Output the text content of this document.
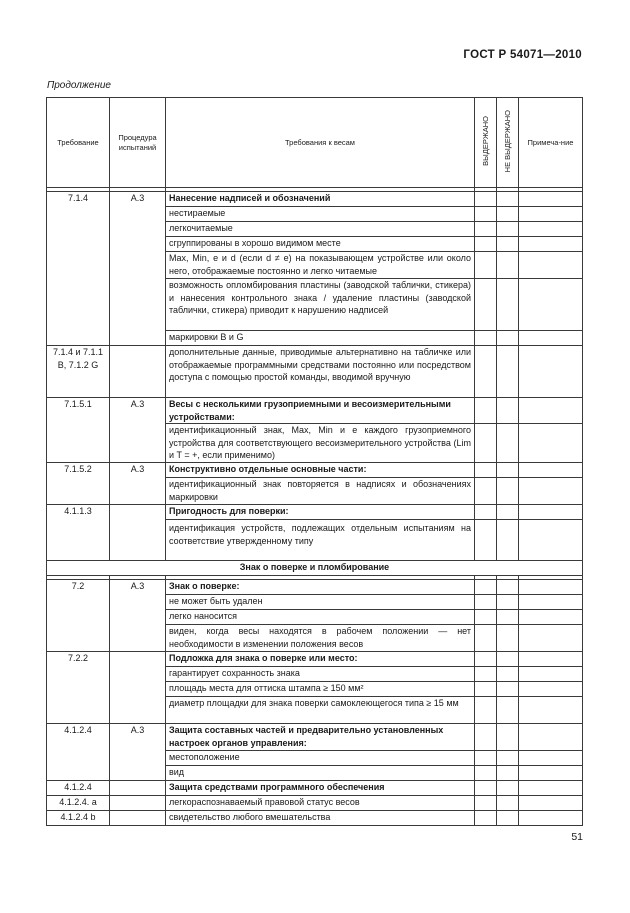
ГОСТ Р 54071—2010
Продолжение
Требование	Процедура испытаний	Требования к весам	ВЫДЕРЖАНО	НЕ ВЫДЕРЖАНО	Примеча-ние

7.1.4	А.3	Нанесение надписей и обозначений			
		нестираемые			
		легкочитаемые			
		сгруппированы в хорошо видимом месте			
		Max, Min, e и d (если d ≠ e) на показывающем устройстве или около него, отображаемые постоянно и легко читаемые			
		возможность опломбирования пластины (заводской таблички, стикера) и нанесения контрольного знака / удаление пластины (заводской таблички, стикера) приводит к нарушению надписей			
		маркировки B и G			
7.1.4 и 7.1.1 B, 7.1.2 G		дополнительные данные, приводимые альтернативно на табличке или отображаемые программными средствами постоянно или посредством доступа с помощью простой команды, вводимой вручную			
7.1.5.1	А.3	Весы с несколькими грузоприемными и весоизмерительными устройствами:			
		идентификационный знак, Max, Min и e каждого грузоприемного устройства для соответствующего весоизмерительного устройства (Lim и T = +, если применимо)			
7.1.5.2	А.3	Конструктивно отдельные основные части:			
		идентификационный знак повторяется в надписях и обозначениях маркировки			
4.1.1.3		Пригодность для поверки:			
		идентификация устройств, подлежащих отдельным испытаниям на соответствие утвержденному типу			
Знак о поверке и пломбирование					

7.2	А.3	Знак о поверке:			
		не может быть удален			
		легко наносится			
		виден, когда весы находятся в рабочем положении — нет необходимости в изменении положения весов			
7.2.2		Подложка для знака о поверке или место:			
		гарантирует сохранность знака			
		площадь места для оттиска штампа ≥ 150 мм²			
		диаметр площадки для знака поверки самоклеющегося типа ≥ 15 мм			
4.1.2.4	А.3	Защита составных частей и предварительно установленных настроек органов управления:			
		местоположение			
		вид			
4.1.2.4		Защита средствами программного обеспечения			
4.1.2.4. a		легкораспознаваемый правовой статус весов			
4.1.2.4 b		свидетельство любого вмешательства			
51
